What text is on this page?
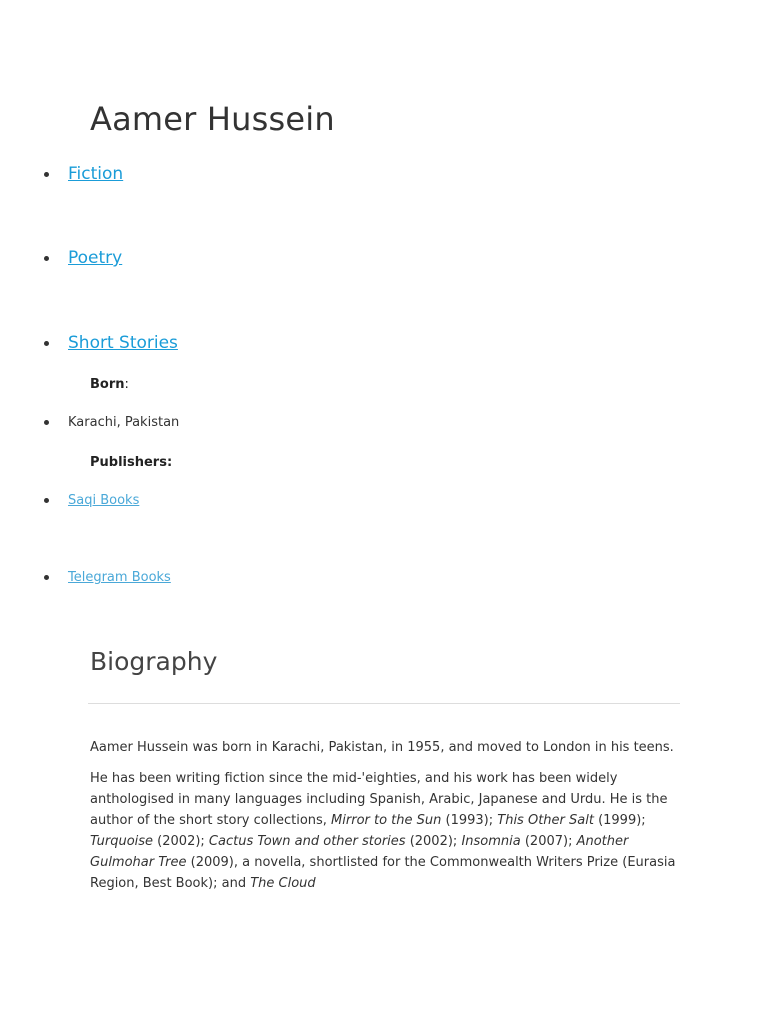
Aamer Hussein
Fiction
Poetry
Short Stories
Born:
Karachi, Pakistan
Publishers:
Saqi Books
Telegram Books
Biography

Aamer Hussein was born in Karachi, Pakistan, in 1955, and moved to London in his teens.

He has been writing fiction since the mid-'eighties, and his work has been widely anthologised in many languages including Spanish, Arabic, Japanese and Urdu. He is the author of the short story collections, Mirror to the Sun (1993); This Other Salt (1999); Turquoise (2002); Cactus Town and other stories (2002); Insomnia (2007); Another Gulmohar Tree (2009), a novella, shortlisted for the Commonwealth Writers Prize (Eurasia Region, Best Book); and The Cloud
